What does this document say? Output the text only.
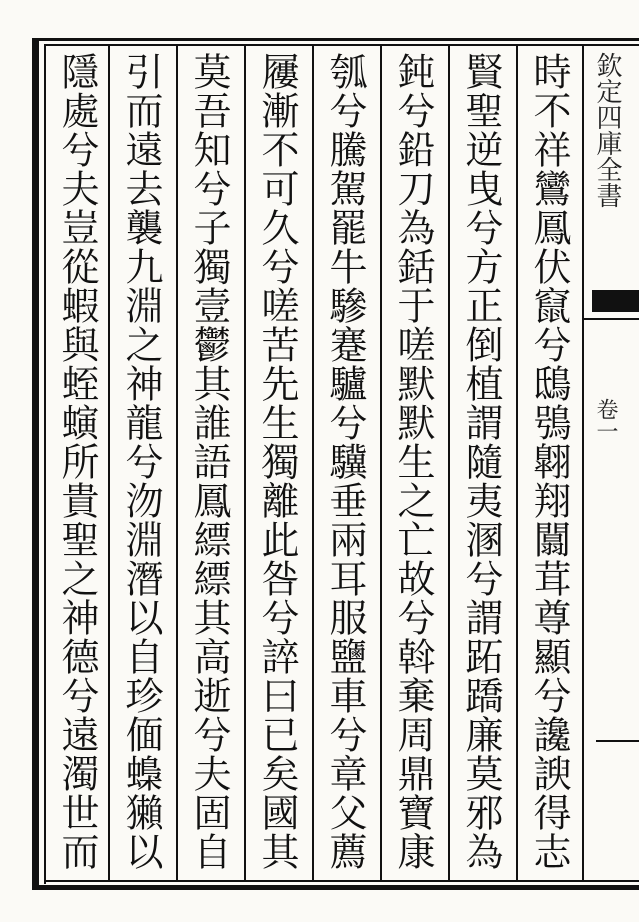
時不祥鸞鳳伏竄兮鴟鴞翺翔闒茸尊顯兮讒諛得志
賢聖逆曳兮方正倒植謂隨夷溷兮謂跖蹻廉莫邪為
鈍兮鉛刀為銛于嗟默默生之亡故兮斡棄周鼎寶康
瓠兮騰駕罷牛驂蹇驢兮驥垂兩耳服鹽車兮章父薦
屨漸不可久兮嗟苦先生獨離此咎兮誶曰已矣國其
莫吾知兮子獨壹鬱其誰語鳳縹縹其高逝兮夫固自
引而遠去襲九淵之神龍兮沕淵潛以自珍偭蟂獺以
隱處兮夫豈從蝦與蛭螾所貴聖之神德兮遠濁世而	欽定四庫全書
卷一
